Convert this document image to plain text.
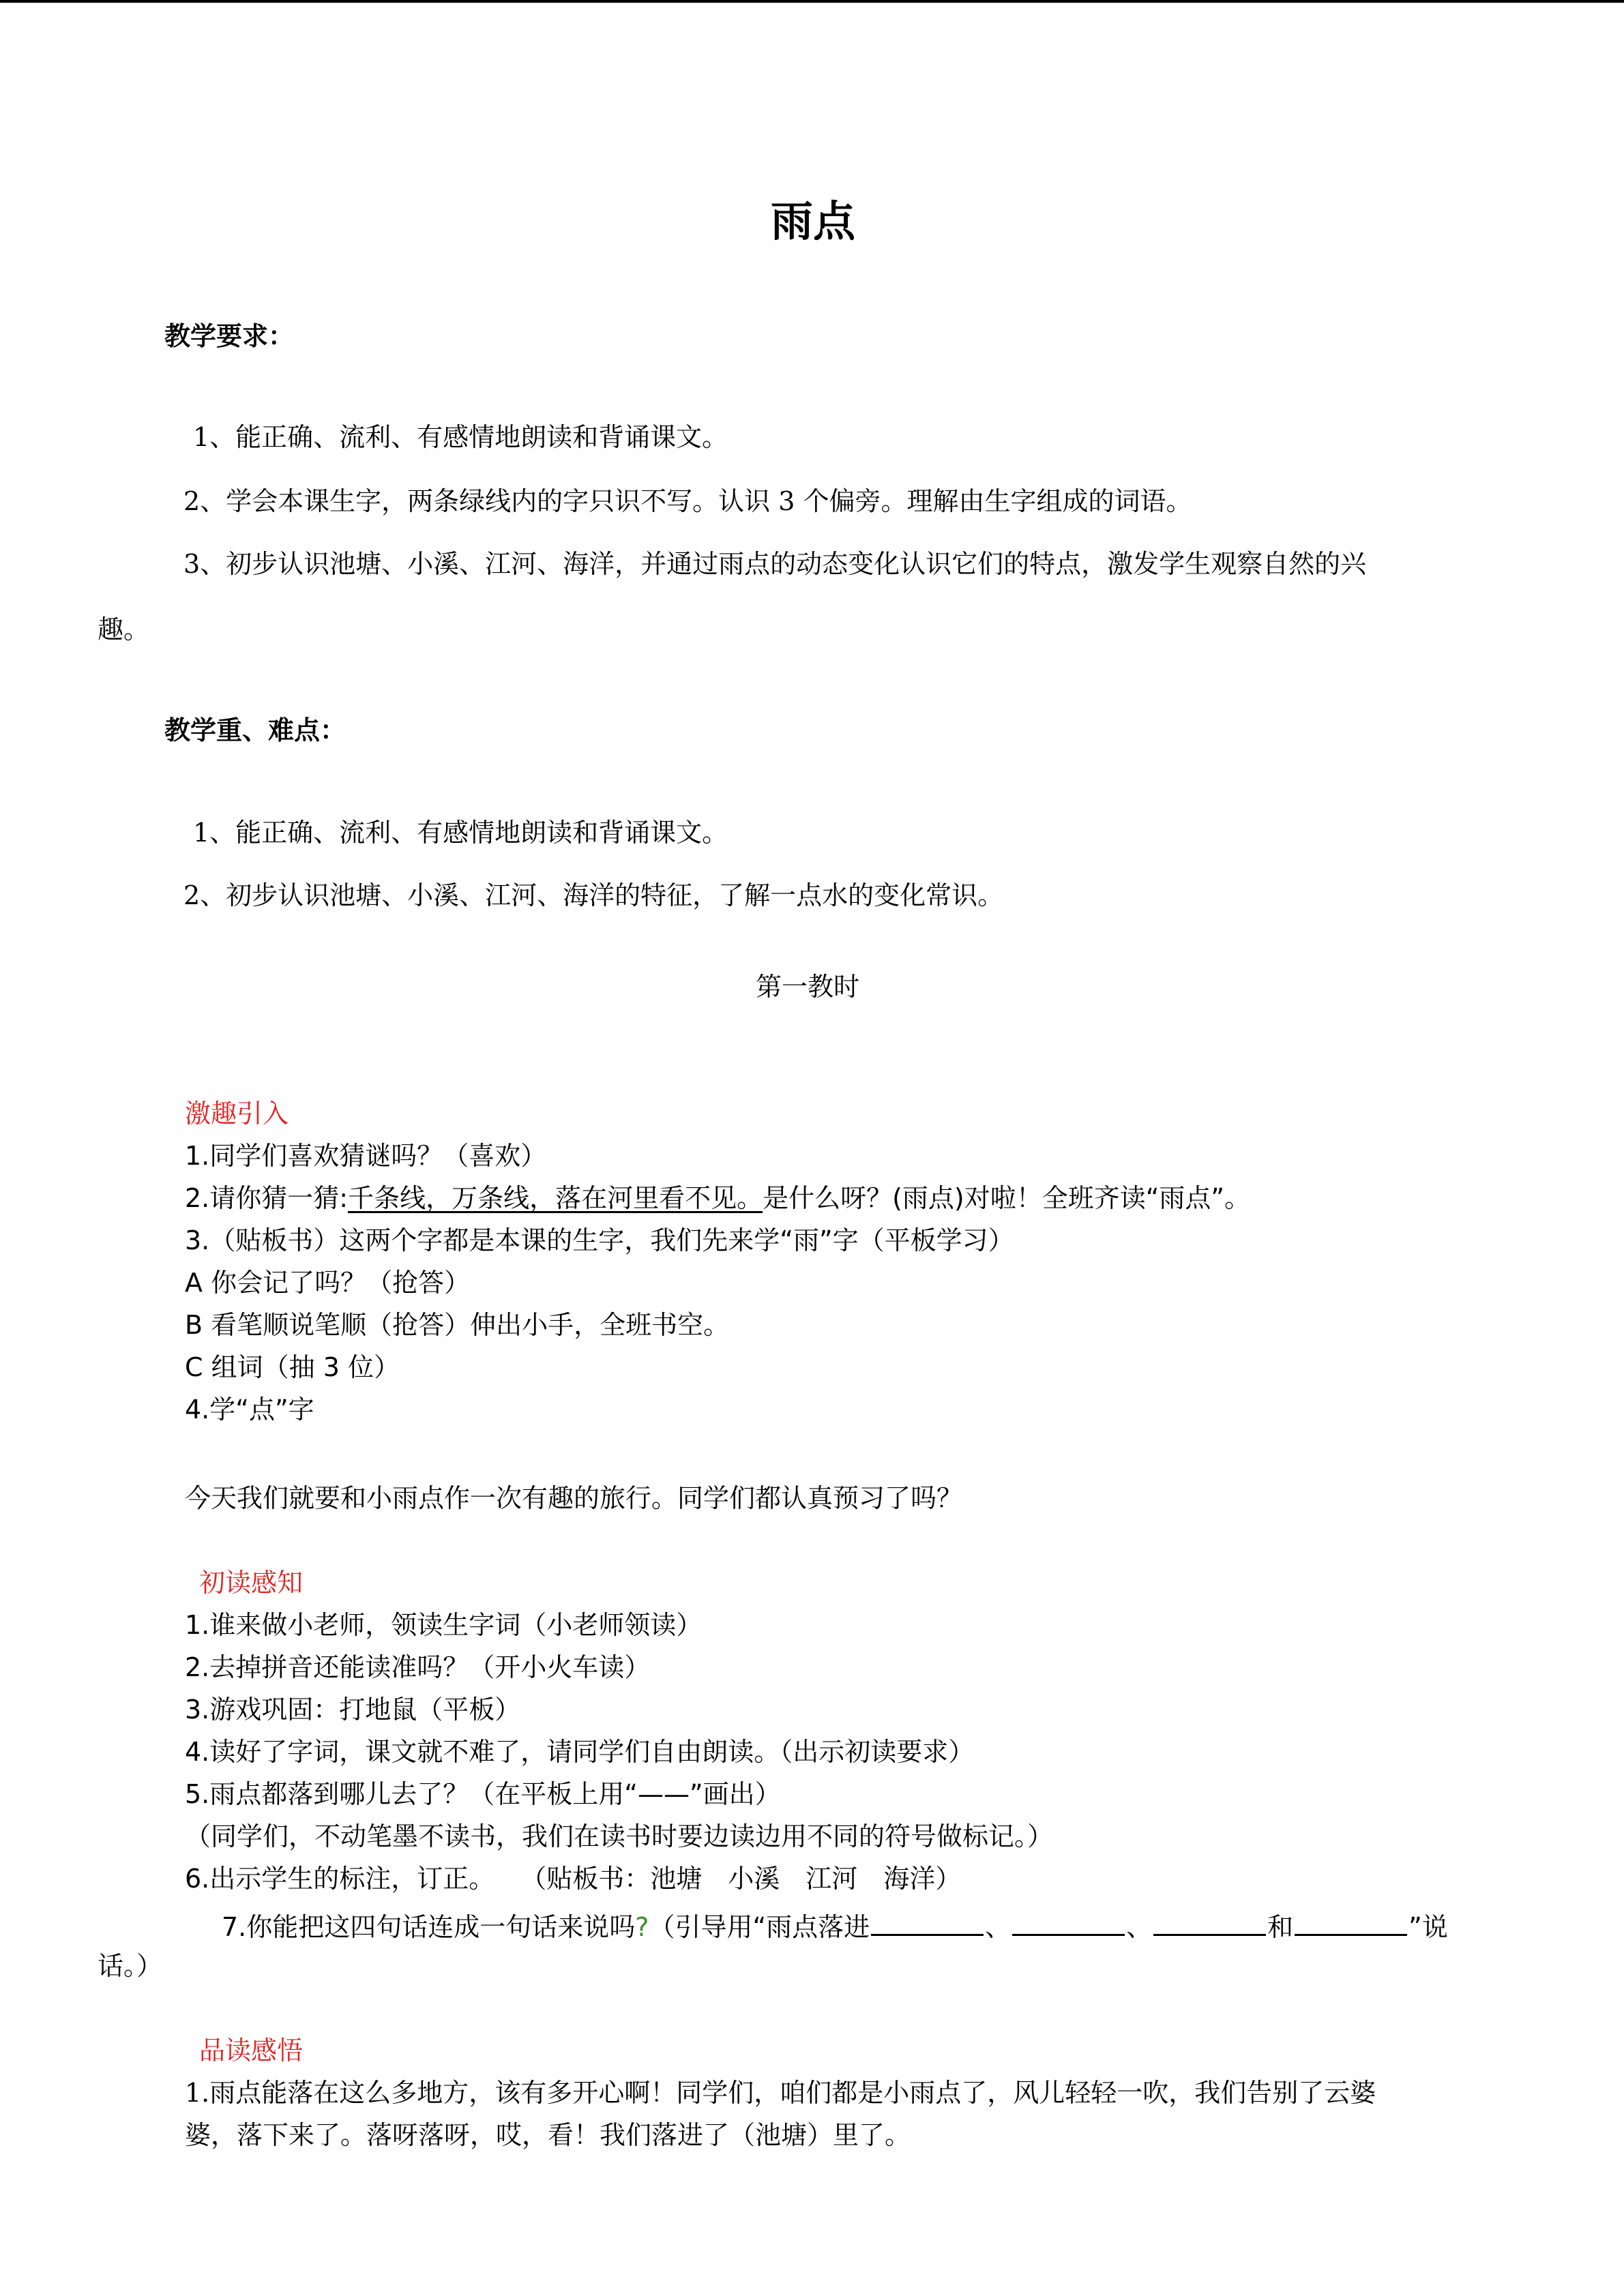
雨点
教学要求：
1、能正确、流利、有感情地朗读和背诵课文。
2、学会本课生字，两条绿线内的字只识不写。认识 3 个偏旁。理解由生字组成的词语。
3、初步认识池塘、小溪、江河、海洋，并通过雨点的动态变化认识它们的特点，激发学生观察自然的兴
趣。
教学重、难点：
1、能正确、流利、有感情地朗读和背诵课文。
2、初步认识池塘、小溪、江河、海洋的特征，了解一点水的变化常识。
第一教时
激趣引入
1.同学们喜欢猜谜吗？（喜欢）
2.请你猜一猜:千条线，万条线，落在河里看不见。是什么呀？(雨点)对啦！全班齐读“雨点”。
3.（贴板书）这两个字都是本课的生字，我们先来学“雨”字（平板学习）
A 你会记了吗？（抢答）
B 看笔顺说笔顺（抢答）伸出小手，全班书空。
C 组词（抽 3 位）
4.学“点”字
今天我们就要和小雨点作一次有趣的旅行。同学们都认真预习了吗？
初读感知
1.谁来做小老师，领读生字词（小老师领读）
2.去掉拼音还能读准吗？（开小火车读）
3.游戏巩固：打地鼠（平板）
4.读好了字词，课文就不难了，请同学们自由朗读。（出示初读要求）
5.雨点都落到哪儿去了？（在平板上用“——”画出）
（同学们，不动笔墨不读书，我们在读书时要边读边用不同的符号做标记。）
6.出示学生的标注，订正。　　（贴板书：池塘　小溪　江河　海洋）
7.你能把这四句话连成一句话来说吗?（引导用“雨点落进	、	、	和	”说
话。）
品读感悟
1.雨点能落在这么多地方，该有多开心啊！同学们，咱们都是小雨点了，风儿轻轻一吹，我们告别了云婆
婆，落下来了。落呀落呀，哎，看！我们落进了（池塘）里了。
